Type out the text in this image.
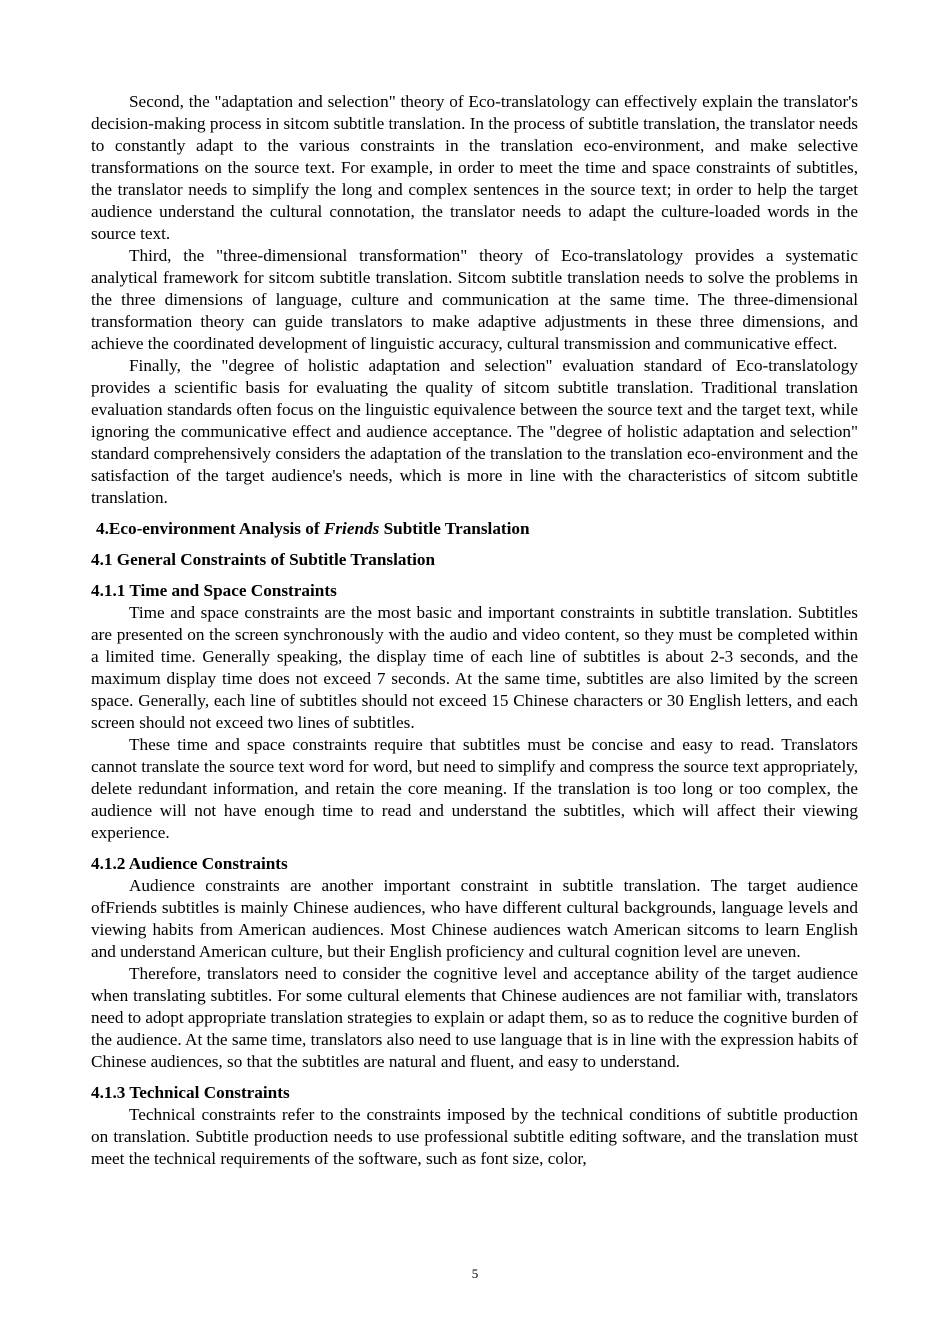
Second, the "adaptation and selection" theory of Eco-translatology can effectively explain the translator's decision-making process in sitcom subtitle translation. In the process of subtitle translation, the translator needs to constantly adapt to the various constraints in the translation eco-environment, and make selective transformations on the source text. For example, in order to meet the time and space constraints of subtitles, the translator needs to simplify the long and complex sentences in the source text; in order to help the target audience understand the cultural connotation, the translator needs to adapt the culture-loaded words in the source text.

Third, the "three-dimensional transformation" theory of Eco-translatology provides a systematic analytical framework for sitcom subtitle translation. Sitcom subtitle translation needs to solve the problems in the three dimensions of language, culture and communication at the same time. The three-dimensional transformation theory can guide translators to make adaptive adjustments in these three dimensions, and achieve the coordinated development of linguistic accuracy, cultural transmission and communicative effect.

Finally, the "degree of holistic adaptation and selection" evaluation standard of Eco-translatology provides a scientific basis for evaluating the quality of sitcom subtitle translation. Traditional translation evaluation standards often focus on the linguistic equivalence between the source text and the target text, while ignoring the communicative effect and audience acceptance. The "degree of holistic adaptation and selection" standard comprehensively considers the adaptation of the translation to the translation eco-environment and the satisfaction of the target audience's needs, which is more in line with the characteristics of sitcom subtitle translation.

4.Eco-environment Analysis of Friends Subtitle Translation
4.1 General Constraints of Subtitle Translation
4.1.1 Time and Space Constraints

Time and space constraints are the most basic and important constraints in subtitle translation. Subtitles are presented on the screen synchronously with the audio and video content, so they must be completed within a limited time. Generally speaking, the display time of each line of subtitles is about 2-3 seconds, and the maximum display time does not exceed 7 seconds. At the same time, subtitles are also limited by the screen space. Generally, each line of subtitles should not exceed 15 Chinese characters or 30 English letters, and each screen should not exceed two lines of subtitles.

These time and space constraints require that subtitles must be concise and easy to read. Translators cannot translate the source text word for word, but need to simplify and compress the source text appropriately, delete redundant information, and retain the core meaning. If the translation is too long or too complex, the audience will not have enough time to read and understand the subtitles, which will affect their viewing experience.

4.1.2 Audience Constraints

Audience constraints are another important constraint in subtitle translation. The target audience ofFriends subtitles is mainly Chinese audiences, who have different cultural backgrounds, language levels and viewing habits from American audiences. Most Chinese audiences watch American sitcoms to learn English and understand American culture, but their English proficiency and cultural cognition level are uneven.

Therefore, translators need to consider the cognitive level and acceptance ability of the target audience when translating subtitles. For some cultural elements that Chinese audiences are not familiar with, translators need to adopt appropriate translation strategies to explain or adapt them, so as to reduce the cognitive burden of the audience. At the same time, translators also need to use language that is in line with the expression habits of Chinese audiences, so that the subtitles are natural and fluent, and easy to understand.

4.1.3 Technical Constraints

Technical constraints refer to the constraints imposed by the technical conditions of subtitle production on translation. Subtitle production needs to use professional subtitle editing software, and the translation must meet the technical requirements of the software, such as font size, color,

5
